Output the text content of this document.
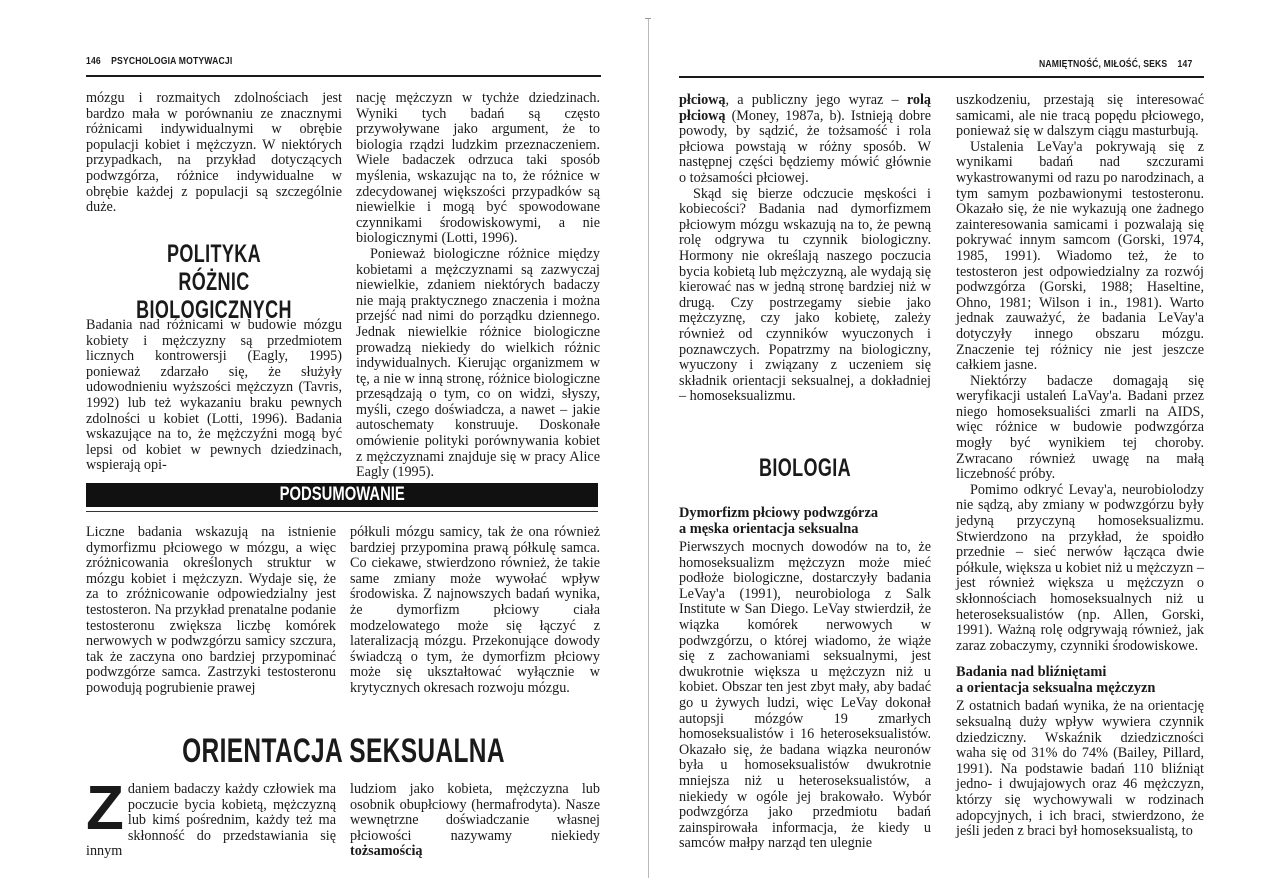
146 PSYCHOLOGIA MOTYWACJI

mózgu i rozmaitych zdolnościach jest bardzo mała w porównaniu ze znacznymi różnicami indywidualnymi w obrębie populacji kobiet i mężczyzn. W niektórych przypadkach, na przykład dotyczących podwzgórza, różnice indywidualne w obrębie każdej z populacji są szczególnie duże.

POLITYKA
RÓŻNIC BIOLOGICZNYCH

Badania nad różnicami w budowie mózgu kobiety i mężczyzny są przedmiotem licznych kontrowersji (Eagly, 1995) ponieważ zdarzało się, że służyły udowodnieniu wyższości mężczyzn (Tavris, 1992) lub też wykazaniu braku pewnych zdolności u kobiet (Lotti, 1996). Badania wskazujące na to, że mężczyźni mogą być lepsi od kobiet w pewnych dziedzinach, wspierają opi-

nację mężczyzn w tychże dziedzinach. Wyniki tych badań są często przywoływane jako argument, że to biologia rządzi ludzkim przeznaczeniem. Wiele badaczek odrzuca taki sposób myślenia, wskazując na to, że różnice w zdecydowanej większości przypadków są niewielkie i mogą być spowodowane czynnikami środowiskowymi, a nie biologicznymi (Lotti, 1996).

Ponieważ biologiczne różnice między kobietami a mężczyznami są zazwyczaj niewielkie, zdaniem niektórych badaczy nie mają praktycznego znaczenia i można przejść nad nimi do porządku dziennego. Jednak niewielkie różnice biologiczne prowadzą niekiedy do wielkich różnic indywidualnych. Kierując organizmem w tę, a nie w inną stronę, różnice biologiczne przesądzają o tym, co on widzi, słyszy, myśli, czego doświadcza, a nawet – jakie autoschematy konstruuje. Doskonałe omówienie polityki porównywania kobiet z mężczyznami znajduje się w pracy Alice Eagly (1995).

PODSUMOWANIE

Liczne badania wskazują na istnienie dymorfizmu płciowego w mózgu, a więc zróżnicowania określonych struktur w mózgu kobiet i mężczyzn. Wydaje się, że za to zróżnicowanie odpowiedzialny jest testosteron. Na przykład prenatalne podanie testosteronu zwiększa liczbę komórek nerwowych w podwzgórzu samicy szczura, tak że zaczyna ono bardziej przypominać podwzgórze samca. Zastrzyki testosteronu powodują pogrubienie prawej

półkuli mózgu samicy, tak że ona również bardziej przypomina prawą półkulę samca. Co ciekawe, stwierdzono również, że takie same zmiany może wywołać wpływ środowiska. Z najnowszych badań wynika, że dymorfizm płciowy ciała modzelowatego może się łączyć z lateralizacją mózgu. Przekonujące dowody świadczą o tym, że dymorfizm płciowy może się ukształtować wyłącznie w krytycznych okresach rozwoju mózgu.

ORIENTACJA SEKSUALNA

Zdaniem badaczy każdy człowiek ma poczucie bycia kobietą, mężczyzną lub kimś pośrednim, każdy też ma skłonność do przedstawiania się innym

ludziom jako kobieta, mężczyzna lub osobnik obupłciowy (hermafrodyta). Nasze wewnętrzne doświadczanie własnej płciowości nazywamy niekiedy tożsamością

NAMIĘTNOŚĆ, MIŁOŚĆ, SEKS 147

płciową, a publiczny jego wyraz – rolą płciową (Money, 1987a, b). Istnieją dobre powody, by sądzić, że tożsamość i rola płciowa powstają w różny sposób. W następnej części będziemy mówić głównie o tożsamości płciowej.

Skąd się bierze odczucie męskości i kobiecości? Badania nad dymorfizmem płciowym mózgu wskazują na to, że pewną rolę odgrywa tu czynnik biologiczny. Hormony nie określają naszego poczucia bycia kobietą lub mężczyzną, ale wydają się kierować nas w jedną stronę bardziej niż w drugą. Czy postrzegamy siebie jako mężczyznę, czy jako kobietę, zależy również od czynników wyuczonych i poznawczych. Popatrzmy na biologiczny, wyuczony i związany z uczeniem się składnik orientacji seksualnej, a dokładniej – homoseksualizmu.

BIOLOGIA

Dymorfizm płciowy podwzgórza
a męska orientacja seksualna

Pierwszych mocnych dowodów na to, że homoseksualizm mężczyzn może mieć podłoże biologiczne, dostarczyły badania LeVay'a (1991), neurobiologa z Salk Institute w San Diego. LeVay stwierdził, że wiązka komórek nerwowych w podwzgórzu, o której wiadomo, że wiąże się z zachowaniami seksualnymi, jest dwukrotnie większa u mężczyzn niż u kobiet. Obszar ten jest zbyt mały, aby badać go u żywych ludzi, więc LeVay dokonał autopsji mózgów 19 zmarłych homoseksualistów i 16 heteroseksualistów. Okazało się, że badana wiązka neuronów była u homoseksualistów dwukrotnie mniejsza niż u heteroseksualistów, a niekiedy w ogóle jej brakowało. Wybór podwzgórza jako przedmiotu badań zainspirowała informacja, że kiedy u samców małpy narząd ten ulegnie

uszkodzeniu, przestają się interesować samicami, ale nie tracą popędu płciowego, ponieważ się w dalszym ciągu masturbują.

Ustalenia LeVay'a pokrywają się z wynikami badań nad szczurami wykastrowanymi od razu po narodzinach, a tym samym pozbawionymi testosteronu. Okazało się, że nie wykazują one żadnego zainteresowania samicami i pozwalają się pokrywać innym samcom (Gorski, 1974, 1985, 1991). Wiadomo też, że to testosteron jest odpowiedzialny za rozwój podwzgórza (Gorski, 1988; Haseltine, Ohno, 1981; Wilson i in., 1981). Warto jednak zauważyć, że badania LeVay'a dotyczyły innego obszaru mózgu. Znaczenie tej różnicy nie jest jeszcze całkiem jasne.

Niektórzy badacze domagają się weryfikacji ustaleń LaVay'a. Badani przez niego homoseksualiści zmarli na AIDS, więc różnice w budowie podwzgórza mogły być wynikiem tej choroby. Zwracano również uwagę na małą liczebność próby.

Pomimo odkryć Levay'a, neurobiolodzy nie sądzą, aby zmiany w podwzgórzu były jedyną przyczyną homoseksualizmu. Stwierdzono na przykład, że spoidło przednie – sieć nerwów łącząca dwie półkule, większa u kobiet niż u mężczyzn – jest również większa u mężczyzn o skłonnościach homoseksualnych niż u heteroseksualistów (np. Allen, Gorski, 1991). Ważną rolę odgrywają również, jak zaraz zobaczymy, czynniki środowiskowe.

Badania nad bliźniętami
a orientacja seksualna mężczyzn

Z ostatnich badań wynika, że na orientację seksualną duży wpływ wywiera czynnik dziedziczny. Wskaźnik dziedziczności waha się od 31% do 74% (Bailey, Pillard, 1991). Na podstawie badań 110 bliźniąt jedno- i dwujajowych oraz 46 mężczyzn, którzy się wychowywali w rodzinach adopcyjnych, i ich braci, stwierdzono, że jeśli jeden z braci był homoseksualistą, to
